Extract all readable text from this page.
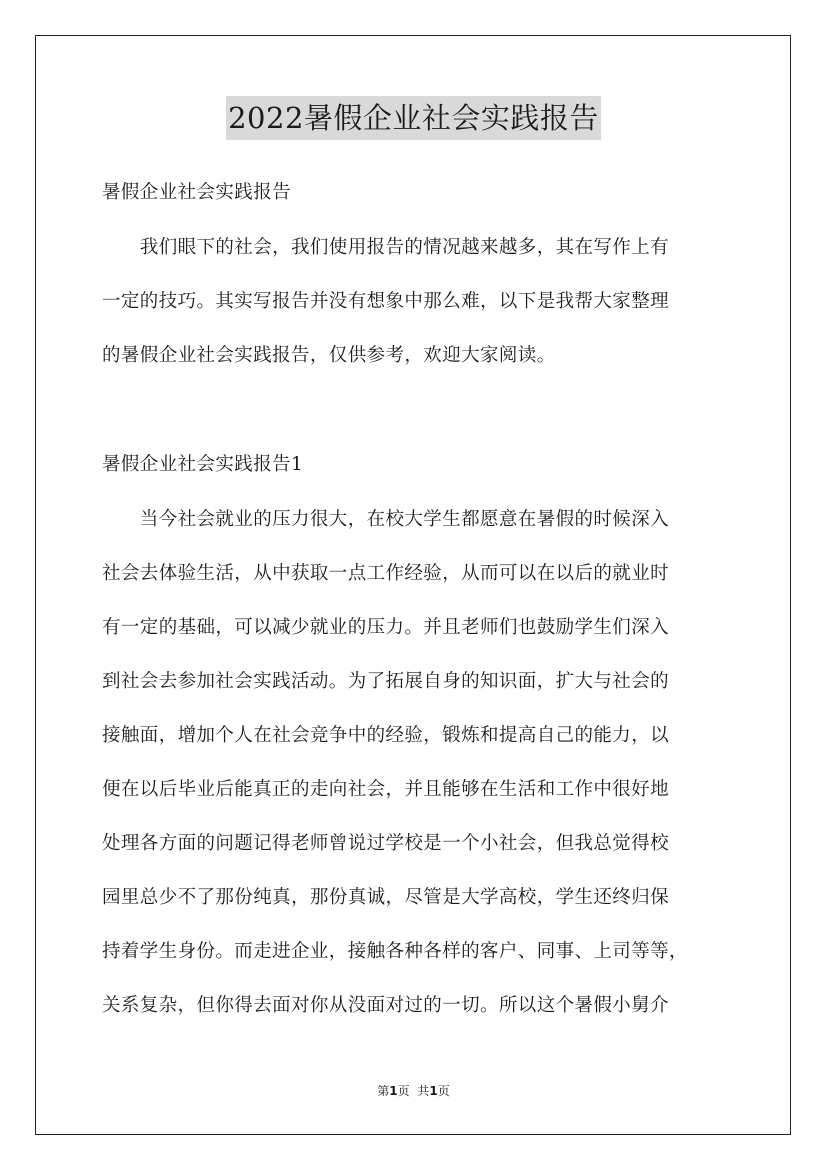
2022暑假企业社会实践报告
暑假企业社会实践报告
　　我们眼下的社会，我们使用报告的情况越来越多，其在写作上有
一定的技巧。其实写报告并没有想象中那么难，以下是我帮大家整理
的暑假企业社会实践报告，仅供参考，欢迎大家阅读。
暑假企业社会实践报告1
　　当今社会就业的压力很大，在校大学生都愿意在暑假的时候深入
社会去体验生活，从中获取一点工作经验，从而可以在以后的就业时
有一定的基础，可以减少就业的压力。并且老师们也鼓励学生们深入
到社会去参加社会实践活动。为了拓展自身的知识面，扩大与社会的
接触面，增加个人在社会竞争中的经验，锻炼和提高自己的能力，以
便在以后毕业后能真正的走向社会，并且能够在生活和工作中很好地
处理各方面的问题记得老师曾说过学校是一个小社会，但我总觉得校
园里总少不了那份纯真，那份真诚，尽管是大学高校，学生还终归保
持着学生身份。而走进企业，接触各种各样的客户、同事、上司等等，
关系复杂，但你得去面对你从没面对过的一切。所以这个暑假小舅介
第1页 共1页
